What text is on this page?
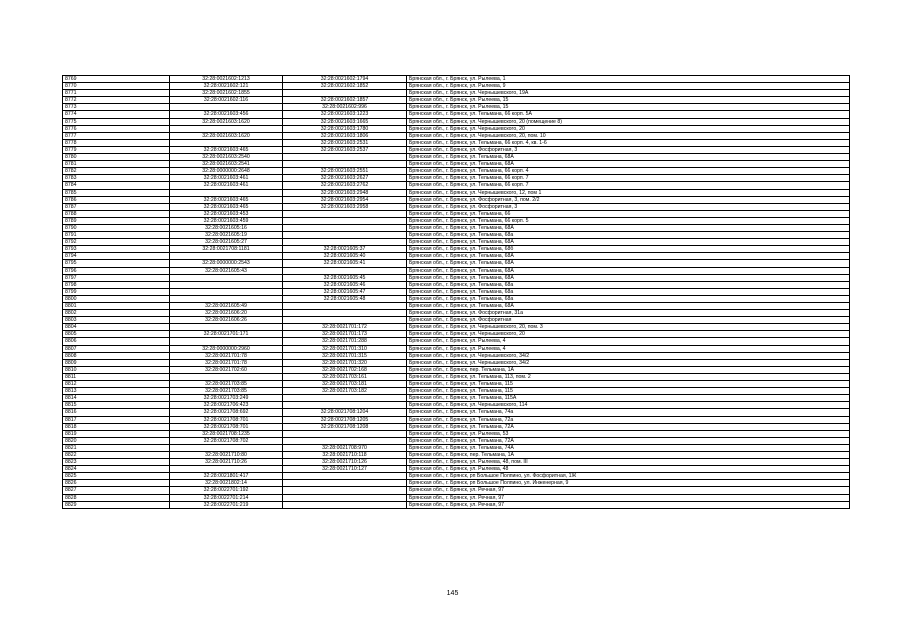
8769	32:28:0021602:1213	32:28:0021602:1794	Брянская обл., г. Брянск, ул. Рылеева, 1
8770	32:28:0021602:121	32:28:0021602:1852	Брянская обл., г. Брянск, ул. Рылеева, 9
8771	32:28:0021602:1855		Брянская обл., г. Брянск, ул. Чернышевского, 19А
8772	32:28:0021602:116	32:28:0021602:1857	Брянская обл., г. Брянск, ул. Рылеева, 15
8773		32:28:0021602:996	Брянская обл., г. Брянск, ул. Рылеева, 15
8774	32:28:0021603:456	32:28:0021603:1223	Брянская обл., г. Брянск, ул. Тельмана, 66 корп. 5А
8775	32:28:0021603:1620	32:28:0021603:1665	Брянская обл., г. Брянск, ул. Чернышевского, 20 (помещение 8)
8776		32:28:0021603:1780	Брянская обл., г. Брянск, ул. Чернышевского, 20
8777	32:28:0021603:1620	32:28:0021603:1806	Брянская обл., г. Брянск, ул. Чернышевского, 20, пом. 10
8778		32:28:0021603:2531	Брянская обл., г. Брянск, ул. Тельмана, 66 корп. 4, кв. 1-6
8779	32:28:0021603:465	32:28:0021603:2537	Брянская обл., г. Брянск, ул. Фосфоритная, 3
8780	32:28:0021603:2540		Брянская обл., г. Брянск, ул. Тельмана, 68А
8781	32:28:0021603:2541		Брянская обл., г. Брянск, ул. Тельмана, 68А
8782	32:28:0000000:2648	32:28:0021603:2551	Брянская обл., г. Брянск, ул. Тельмана, 66 корп. 4
8783	32:28:0021603:461	32:28:0021603:2627	Брянская обл., г. Брянск, ул. Тельмана, 66 корп. 7
8784	32:28:0021603:461	32:28:0021603:2762	Брянская обл., г. Брянск, ул. Тельмана, 66 корп. 7
8785		32:28:0021603:2948	Брянская обл., г. Брянск, ул. Чернышевского, 12, пом 1
8786	32:28:0021603:465	32:28:0021603:2954	Брянская обл., г. Брянск, ул. Фосфоритная, 3, пом. 2/2
8787	32:28:0021603:465	32:28:0021603:2958	Брянская обл., г. Брянск, ул. Фосфоритная, 3
8788	32:28:0021603:453		Брянская обл., г. Брянск, ул. Тельмана, 66
8789	32:28:0021603:459		Брянская обл., г. Брянск, ул. Тельмана, 66 корп. 5
8790	32:28:0021605:16		Брянская обл., г. Брянск, ул. Тельмана, 68А
8791	32:28:0021605:19		Брянская обл., г. Брянск, ул. Тельмана, 68а
8792	32:28:0021605:27		Брянская обл., г. Брянск, ул. Тельмана, 68А
8793	32:28:0021708:1181	32:28:0021605:37	Брянская обл., г. Брянск, ул. Тельмана, 68б
8794		32:28:0021605:40	Брянская обл., г. Брянск, ул. Тельмана, 68А
8795	32:28:0000000:2543	32:28:0021605:41	Брянская обл., г. Брянск, ул. Тельмана, 68А
8796	32:28:0021605:43		Брянская обл., г. Брянск, ул. Тельмана, 68А
8797		32:28:0021605:45	Брянская обл., г. Брянск, ул. Тельмана, 68А
8798		32:28:0021605:46	Брянская обл., г. Брянск, ул. Тельмана, 68а
8799		32:28:0021605:47	Брянская обл., г. Брянск, ул. Тельмана, 68а
8800		32:28:0021605:48	Брянская обл., г. Брянск, ул. Тельмана, 68а
8801	32:28:0021605:49		Брянская обл., г. Брянск, ул. Тельмана, 68А
8802	32:28:0021606:20		Брянская обл., г. Брянск, ул. Фосфоритная, 31а
8803	32:28:0021606:26		Брянская обл., г. Брянск, ул. Фосфоритная
8804		32:28:0021701:172	Брянская обл., г. Брянск, ул. Чернышевского, 20, пом. 3
8805	32:28:0021701:171	32:28:0021701:173	Брянская обл., г. Брянск, ул. Чернышевского, 20
8806		32:28:0021701:288	Брянская обл., г. Брянск, ул. Рылеева, 4
8807	32:28:0000000:2960	32:28:0021701:310	Брянская обл., г. Брянск, ул. Рылеева, 4
8808	32:28:0021701:78	32:28:0021701:315	Брянская обл., г. Брянск, ул. Чернышевского, 34/2
8809	32:28:0021701:78	32:28:0021701:320	Брянская обл., г. Брянск, ул. Чернышевского, 34/2
8810	32:28:0021702:60	32:28:0021702:168	Брянская обл., г. Брянск, пер. Тельмана, 1А
8811		32:28:0021703:161	Брянская обл., г. Брянск, ул. Тельмана, 113, пом. 2
8812	32:28:0021703:85	32:28:0021703:181	Брянская обл., г. Брянск, ул. Тельмана, 115
8813	32:28:0021703:85	32:28:0021703:182	Брянская обл., г. Брянск, ул. Тельмана, 115
8814	32:28:0021703:249		Брянская обл., г. Брянск, ул. Тельмана, 115А
8815	32:28:0021706:423		Брянская обл., г. Брянск, ул. Чернышевского, 114
8816	32:28:0021708:692	32:28:0021708:1204	Брянская обл., г. Брянск, ул. Тельмана, 74а
8817	32:28:0021708:701	32:28:0021708:1205	Брянская обл., г. Брянск, ул. Тельмана, 72а
8818	32:28:0021708:701	32:28:0021708:1208	Брянская обл., г. Брянск, ул. Тельмана, 72А
8819	32:28:0021708:1235		Брянская обл., г. Брянск, ул. Рылеева, 53
8820	32:28:0021708:702		Брянская обл., г. Брянск, ул. Тельмана, 72А
8821		32:28:0021708:970	Брянская обл., г. Брянск, ул. Тельмана, 74А
8822	32:28:0021710:80	32:28:0021710:118	Брянская обл., г. Брянск, пер. Тельмана, 1А
8823	32:28:0021710:26	32:28:0021710:126	Брянская обл., г. Брянск, ул. Рылеева, 48, пом. III
8824		32:28:0021710:127	Брянская обл., г. Брянск, ул. Рылеева, 48
8825	32:28:0021801:417		Брянская обл., г. Брянск, рп Большое Полпино, ул. Фосфоритная, 1Ж
8826	32:28:0021802:14		Брянская обл., г. Брянск, рп Большое Полпино, ул. Инженерная, 9
8827	32:28:0022701:192		Брянская обл., г. Брянск, ул. Речная, 97
8828	32:28:0022701:214		Брянская обл., г. Брянск, ул. Речная, 97
8829	32:28:0022701:219		Брянская обл., г. Брянск, ул. Речная, 97
145
